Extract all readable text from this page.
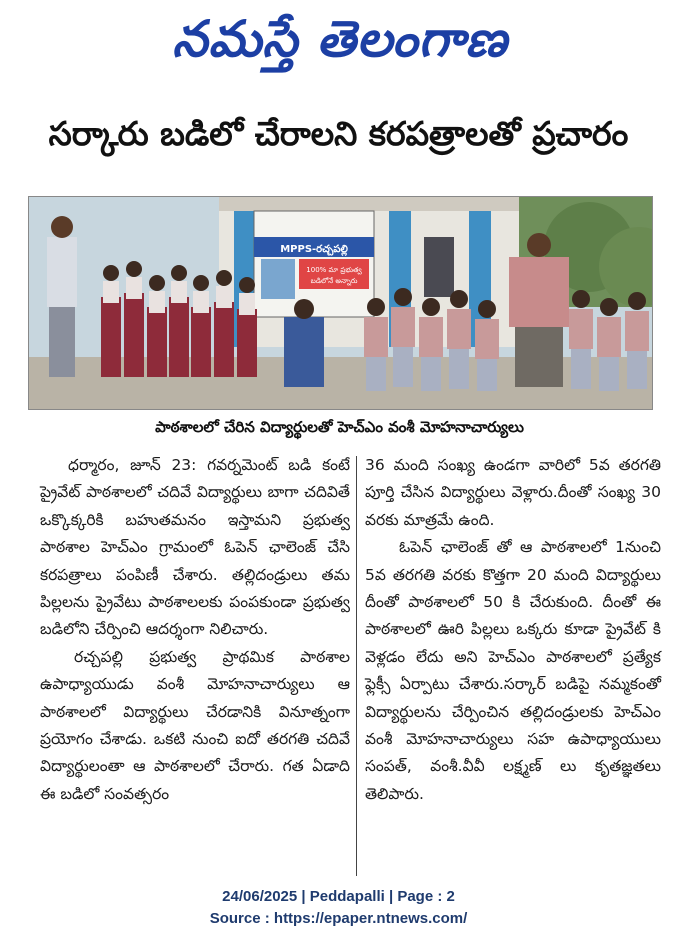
నమస్తే తెలంగాణ
సర్కారు బడిలో చేరాలని కరపత్రాలతో ప్రచారం
MPPS-రచ్చపల్లి
100% మా ప్రభుత్వ
బడిలోనే అన్నారు
పాఠశాలలో చేరిన విద్యార్థులతో హెచ్ఎం వంశీ మోహనాచార్యులు

ధర్మారం, జూన్ 23: గవర్నమెంట్ బడి కంటే ప్రైవేట్ పాఠశాలలో చదివే విద్యార్థులు బాగా చదివితే ఒక్కొక్కరికి బహుతమనం ఇస్తామని ప్రభుత్వ పాఠశాల హెచ్ఎం గ్రామంలో ఓపెన్ ఛాలెంజ్ చేసి కరపత్రాలు పంపిణీ చేశారు. తల్లిదండ్రులు తమ పిల్లలను ప్రైవేటు పాఠశాలలకు పంపకుండా ప్రభుత్వ బడిలోని చేర్పించి ఆదర్శంగా నిలిచారు.

రచ్చపల్లి ప్రభుత్వ ప్రాథమిక పాఠశాల ఉపాధ్యాయుడు వంశీ మోహనాచార్యులు ఆ పాఠశాలలో విద్యార్థులు చేరడానికి వినూత్నంగా ప్రయోగం చేశాడు. ఒకటి నుంచి ఐదో తరగతి చదివే విద్యార్థులంతా ఆ పాఠశాలలో చేరారు. గత ఏడాది ఈ బడిలో సంవత్సరం

36 మంది సంఖ్య ఉండగా వారిలో 5వ తరగతి పూర్తి చేసిన విద్యార్థులు వెళ్లారు.దీంతో సంఖ్య 30 వరకు మాత్రమే ఉంది.

ఓపెన్ ఛాలెంజ్ తో ఆ పాఠశాలలో 1నుంచి 5వ తరగతి వరకు కొత్తగా 20 మంది విద్యార్థులు దీంతో పాఠశాలలో 50 కి చేరుకుంది. దీంతో ఈ పాఠశాలలో ఊరి పిల్లలు ఒక్కరు కూడా ప్రైవేట్ కి వెళ్లడం లేదు అని హెచ్ఎం పాఠశాలలో ప్రత్యేక ఫ్లెక్సీ ఏర్పాటు చేశారు.సర్కార్ బడిపై నమ్మకంతో విద్యార్థులను చేర్పించిన తల్లిదండ్రులకు హెచ్ఎం వంశీ మోహనాచార్యులు సహ ఉపాధ్యాయులు సంపత్, వంశీ.వీవీ లక్ష్మణ్ లు కృతజ్ఞతలు తెలిపారు.

24/06/2025 | Peddapalli | Page : 2
Source : https://epaper.ntnews.com/
